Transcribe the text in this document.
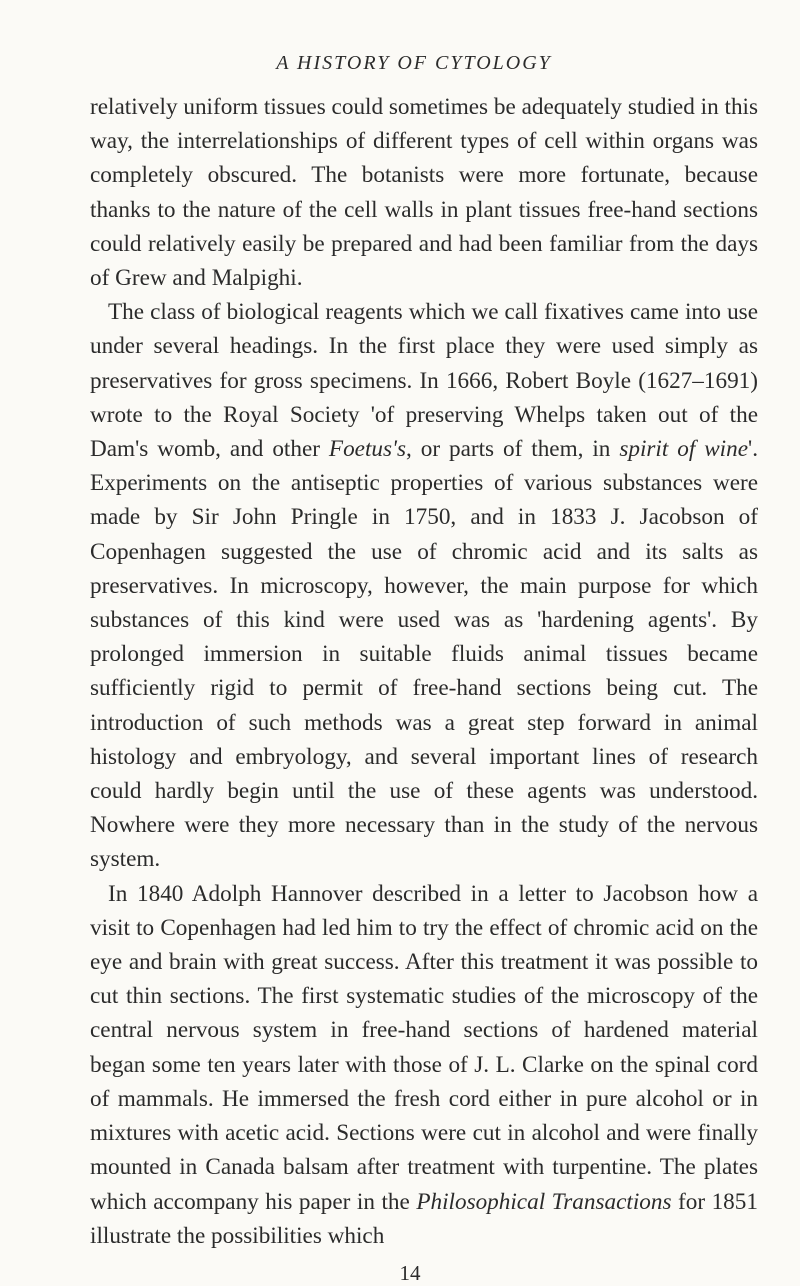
A HISTORY OF CYTOLOGY

relatively uniform tissues could sometimes be adequately studied in this way, the interrelationships of different types of cell within organs was completely obscured. The botanists were more fortunate, because thanks to the nature of the cell walls in plant tissues free-hand sections could relatively easily be prepared and had been familiar from the days of Grew and Malpighi.

The class of biological reagents which we call fixatives came into use under several headings. In the first place they were used simply as preservatives for gross specimens. In 1666, Robert Boyle (1627–1691) wrote to the Royal Society 'of preserving Whelps taken out of the Dam's womb, and other Foetus's, or parts of them, in spirit of wine'. Experiments on the antiseptic properties of various substances were made by Sir John Pringle in 1750, and in 1833 J. Jacobson of Copenhagen suggested the use of chromic acid and its salts as preservatives. In microscopy, however, the main purpose for which substances of this kind were used was as 'hardening agents'. By prolonged immersion in suitable fluids animal tissues became sufficiently rigid to permit of free-hand sections being cut. The introduction of such methods was a great step forward in animal histology and embryology, and several important lines of research could hardly begin until the use of these agents was understood. Nowhere were they more necessary than in the study of the nervous system.

In 1840 Adolph Hannover described in a letter to Jacobson how a visit to Copenhagen had led him to try the effect of chromic acid on the eye and brain with great success. After this treatment it was possible to cut thin sections. The first systematic studies of the microscopy of the central nervous system in free-hand sections of hardened material began some ten years later with those of J. L. Clarke on the spinal cord of mammals. He immersed the fresh cord either in pure alcohol or in mixtures with acetic acid. Sections were cut in alcohol and were finally mounted in Canada balsam after treatment with turpentine. The plates which accompany his paper in the Philosophical Transactions for 1851 illustrate the possibilities which

14
